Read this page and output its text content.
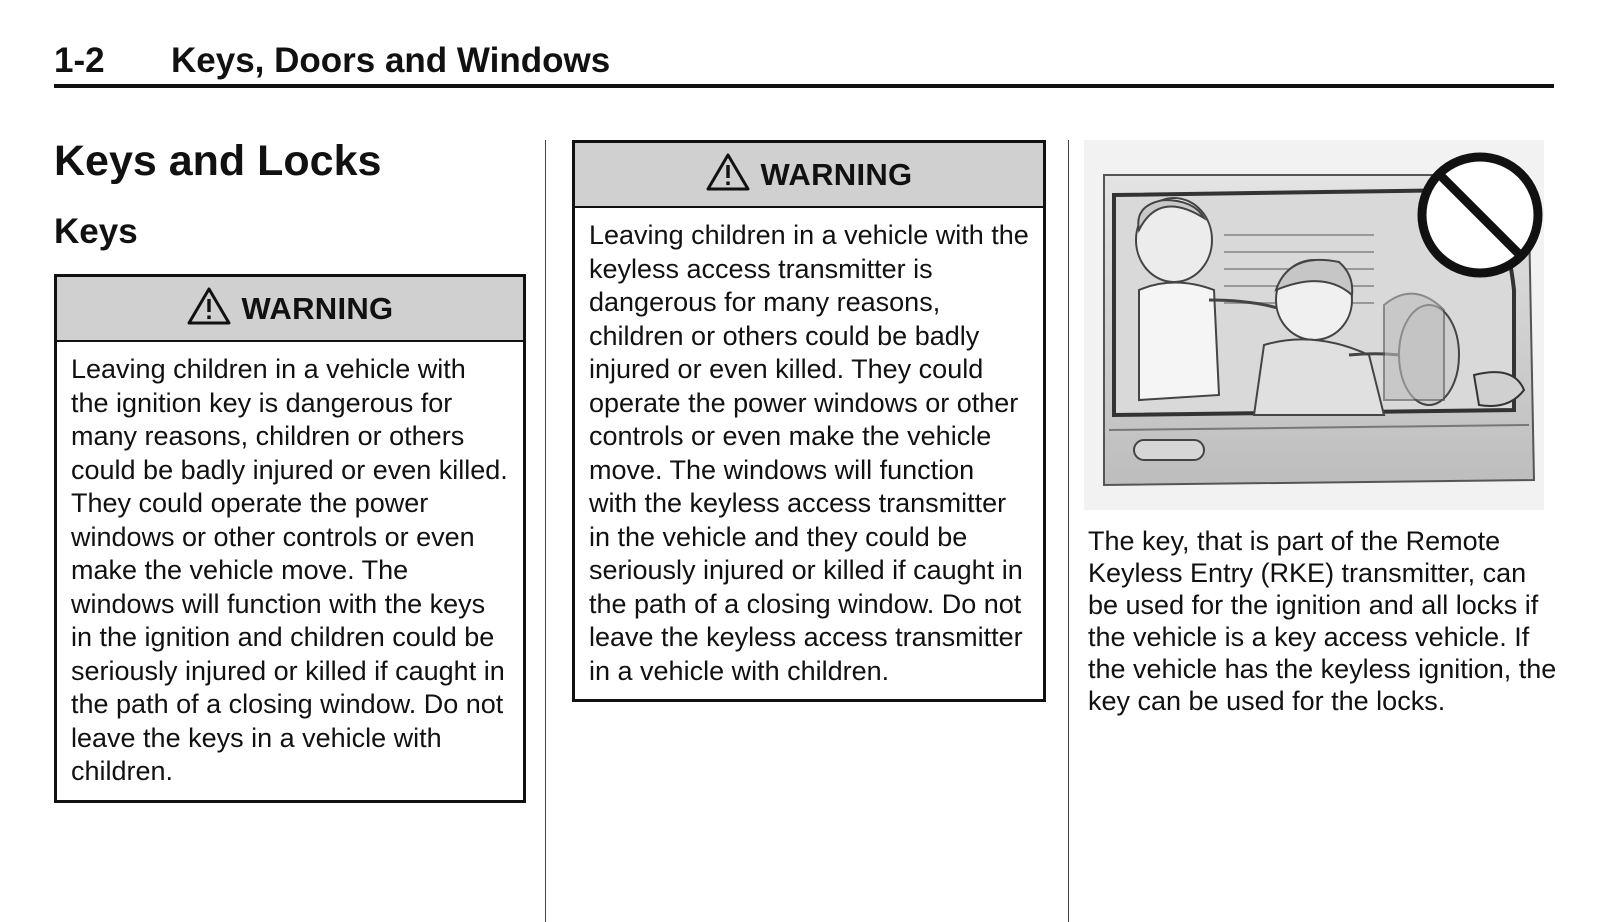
1-2 Keys, Doors and Windows
Keys and Locks
Keys
WARNING
Leaving children in a vehicle with the ignition key is dangerous for many reasons, children or others could be badly injured or even killed. They could operate the power windows or other controls or even make the vehicle move. The windows will function with the keys in the ignition and children could be seriously injured or killed if caught in the path of a closing window. Do not leave the keys in a vehicle with children.
WARNING
Leaving children in a vehicle with the keyless access transmitter is dangerous for many reasons, children or others could be badly injured or even killed. They could operate the power windows or other controls or even make the vehicle move. The windows will function with the keyless access transmitter in the vehicle and they could be seriously injured or killed if caught in the path of a closing window. Do not leave the keyless access transmitter in a vehicle with children.
The key, that is part of the Remote Keyless Entry (RKE) transmitter, can be used for the ignition and all locks if the vehicle is a key access vehicle. If the vehicle has the keyless ignition, the key can be used for the locks.
